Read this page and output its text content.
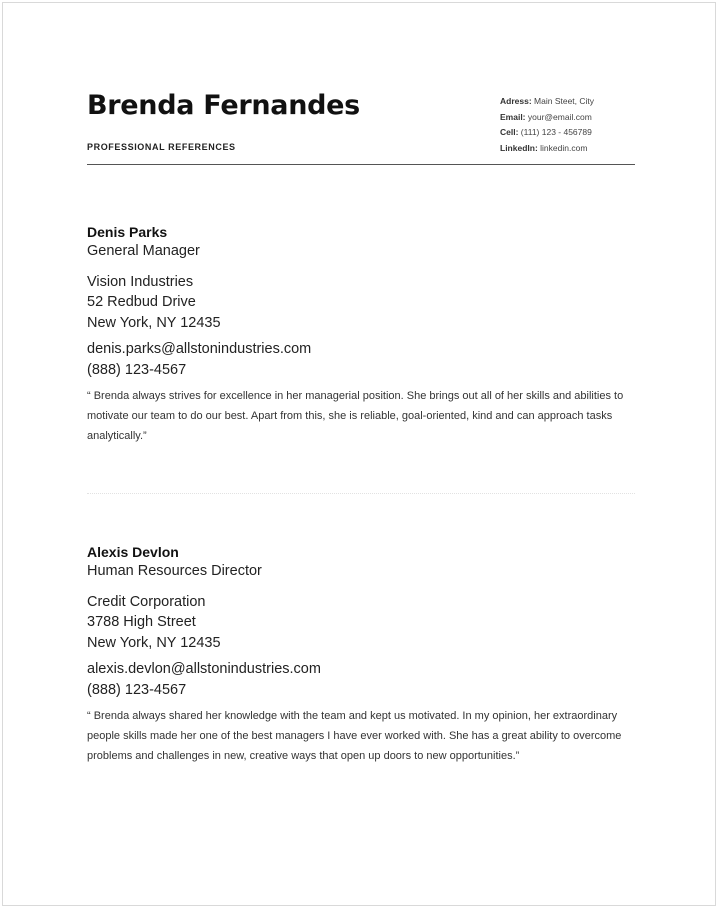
Brenda Fernandes
PROFESSIONAL REFERENCES
Adress: Main Steet, City
Email: your@email.com
Cell: (111) 123 - 456789
LinkedIn: linkedin.com
Denis Parks
General Manager
Vision Industries
52 Redbud Drive
New York, NY 12435
denis.parks@allstonindustries.com
(888) 123-4567
“ Brenda always strives for excellence in her managerial position. She brings out all of her skills and abilities to motivate our team to do our best. Apart from this, she is reliable, goal-oriented, kind and can approach tasks analytically.”
Alexis Devlon
Human Resources Director
Credit Corporation
3788 High Street
New York, NY 12435
alexis.devlon@allstonindustries.com
(888) 123-4567
“ Brenda always shared her knowledge with the team and kept us motivated. In my opinion, her extraordinary people skills made her one of the best managers I have ever worked with. She has a great ability to overcome problems and challenges in new, creative ways that open up doors to new opportunities.”
